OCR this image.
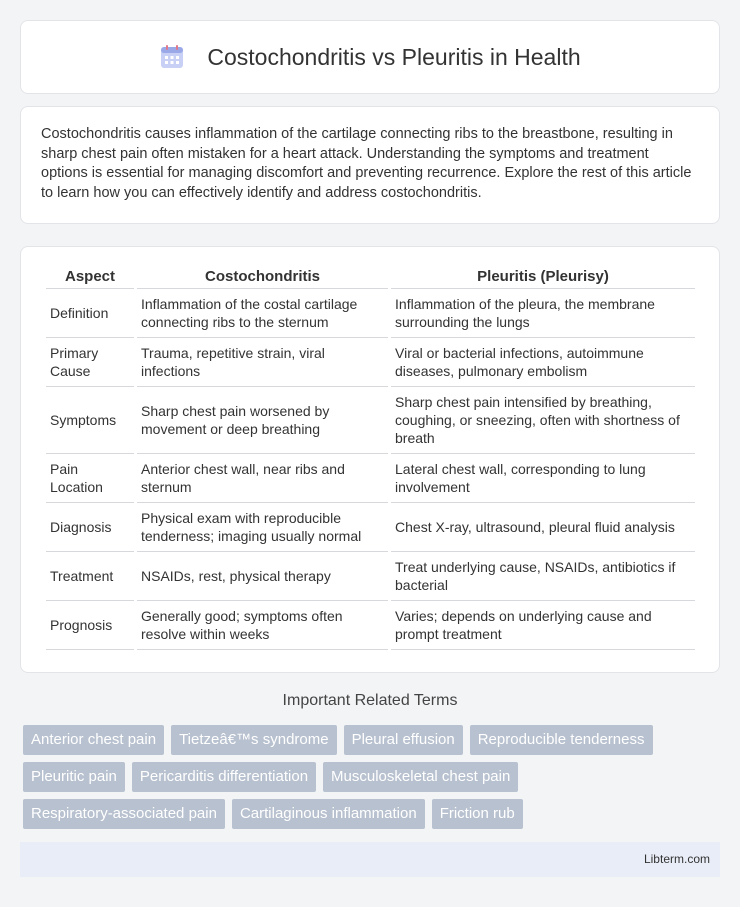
Costochondritis vs Pleuritis in Health

Costochondritis causes inflammation of the cartilage connecting ribs to the breastbone, resulting in sharp chest pain often mistaken for a heart attack. Understanding the symptoms and treatment options is essential for managing discomfort and preventing recurrence. Explore the rest of this article to learn how you can effectively identify and address costochondritis.

Aspect	Costochondritis	Pleuritis (Pleurisy)
Definition	Inflammation of the costal cartilage connecting ribs to the sternum	Inflammation of the pleura, the membrane surrounding the lungs
Primary Cause	Trauma, repetitive strain, viral infections	Viral or bacterial infections, autoimmune diseases, pulmonary embolism
Symptoms	Sharp chest pain worsened by movement or deep breathing	Sharp chest pain intensified by breathing, coughing, or sneezing, often with shortness of breath
Pain Location	Anterior chest wall, near ribs and sternum	Lateral chest wall, corresponding to lung involvement
Diagnosis	Physical exam with reproducible tenderness; imaging usually normal	Chest X-ray, ultrasound, pleural fluid analysis
Treatment	NSAIDs, rest, physical therapy	Treat underlying cause, NSAIDs, antibiotics if bacterial
Prognosis	Generally good; symptoms often resolve within weeks	Varies; depends on underlying cause and prompt treatment
Important Related Terms
Anterior chest pain	Tietzeâ€™s syndrome	Pleural effusion	Reproducible tenderness
Pleuritic pain	Pericarditis differentiation	Musculoskeletal chest pain
Respiratory-associated pain	Cartilaginous inflammation	Friction rub
Libterm.com
